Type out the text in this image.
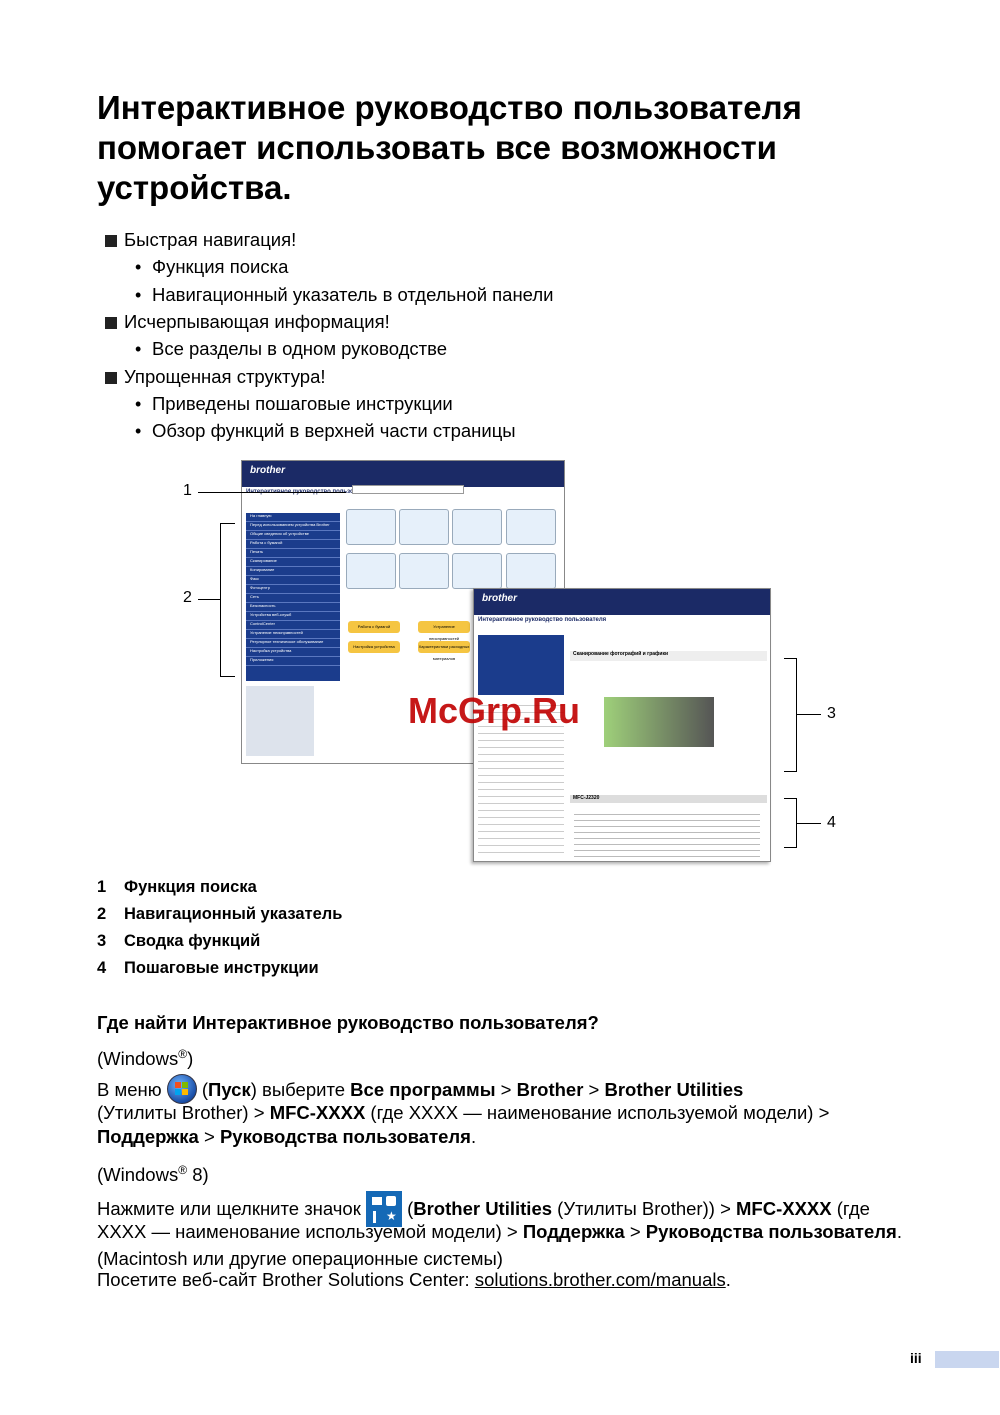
Интерактивное руководство пользователя помогает использовать все возможности устройства.
Быстрая навигация!
• Функция поиска
• Навигационный указатель в отдельной панели
Исчерпывающая информация!
• Все разделы в одном руководстве
Упрощенная структура!
• Приведены пошаговые инструкции
• Обзор функций в верхней части страницы
brother
На главную
Перед использованием устройства Brother
Общие сведения об устройстве
Работа с бумагой
Печать
Сканирование
Копирование
Факс
Фотоцентр
Сеть
Безопасность
Устройства веб-служб
ControlCenter
Устранение неисправностей
Регулярное техническое обслуживание
Настройка устройства
Приложения
Работа с бумагой	Устранение неисправностей
Настройка устройства	Характеристики расходных материалов
brother
Интерактивное руководство пользователя
Сканирование фотографий и графики
MFC-J2320
1
2
3
4
McGrp.Ru
1 Функция поиска
2 Навигационный указатель
3 Сводка функций
4 Пошаговые инструкции
Где найти Интерактивное руководство пользователя?
(Windows®)
В меню
(Пуск) выберите Все программы > Brother > Brother Utilities
(Утилиты Brother) > MFC-XXXX (где XXXX — наименование используемой модели) >
Поддержка > Руководства пользователя.
(Windows® 8)
Нажмите или щелкните значок ★ (Brother Utilities (Утилиты Brother)) > MFC-XXXX (где
XXXX — наименование используемой модели) > Поддержка > Руководства пользователя.
(Macintosh или другие операционные системы)
Посетите веб-сайт Brother Solutions Center: solutions.brother.com/manuals.
iii
